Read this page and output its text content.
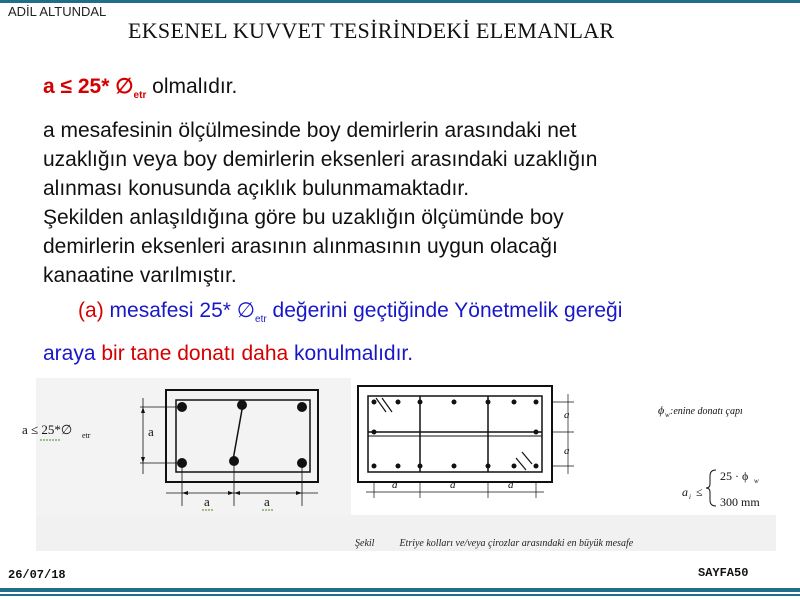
ADİL ALTUNDAL
EKSENEL KUVVET TESİRİNDEKİ ELEMANLAR
a ≤ 25* $\emptyset_{etr}$ olmalıdır.
a mesafesinin ölçülmesinde boy demirlerin arasındaki net
uzaklığın veya boy demirlerin eksenleri arasındaki uzaklığın
alınması konusunda açıklık bulunmamaktadır.
Şekilden anlaşıldığına göre bu uzaklığın ölçümünde boy
demirlerin eksenleri arasının alınmasının uygun olacağı
kanaatine varılmıştır.
(a) mesafesi 25* $\emptyset_{etr}$ değerini geçtiğinde Yönetmelik gereği
araya bir tane donatı daha konulmalıdır.
a ≤ 25*∅ etr	a
a	a
a
a
a	a	a
ϕ w :enine donatı çapı
a i ≤
25 · ϕ w
300 mm
Şekil	Etriye kolları ve/veya çirozlar arasındaki en büyük mesafe
26/07/18	SAYFA50
